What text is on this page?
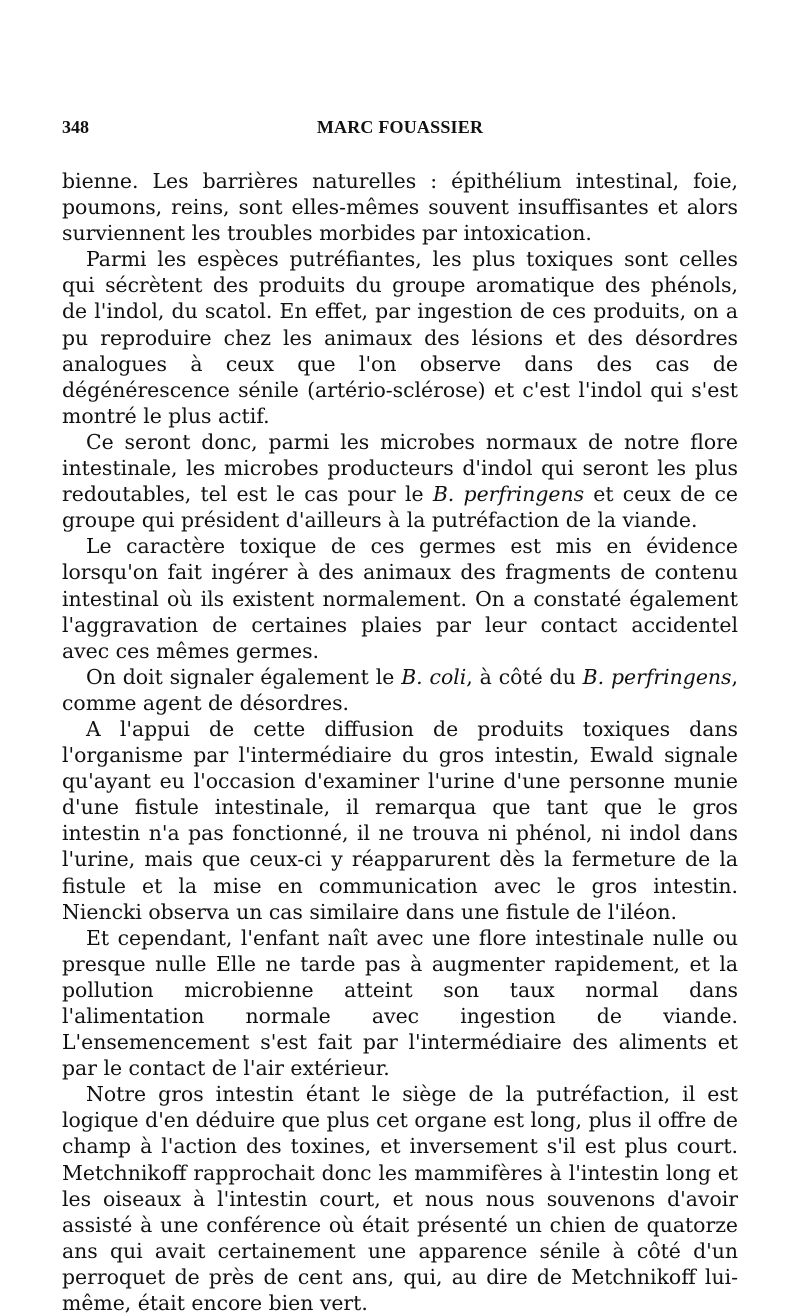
348	MARC FOUASSIER

bienne. Les barrières naturelles : épithélium intestinal, foie, poumons, reins, sont elles-mêmes souvent insuffisantes et alors surviennent les troubles morbides par intoxication.

Parmi les espèces putréfiantes, les plus toxiques sont celles qui sécrètent des produits du groupe aromatique des phénols, de l'indol, du scatol. En effet, par ingestion de ces produits, on a pu reproduire chez les animaux des lésions et des désordres analogues à ceux que l'on observe dans des cas de dégénérescence sénile (artério-sclérose) et c'est l'indol qui s'est montré le plus actif.

Ce seront donc, parmi les microbes normaux de notre flore intestinale, les microbes producteurs d'indol qui seront les plus redoutables, tel est le cas pour le B. perfringens et ceux de ce groupe qui président d'ailleurs à la putréfaction de la viande.

Le caractère toxique de ces germes est mis en évidence lorsqu'on fait ingérer à des animaux des fragments de contenu intestinal où ils existent normalement. On a constaté également l'aggravation de certaines plaies par leur contact accidentel avec ces mêmes germes.

On doit signaler également le B. coli, à côté du B. perfringens, comme agent de désordres.

A l'appui de cette diffusion de produits toxiques dans l'organisme par l'intermédiaire du gros intestin, Ewald signale qu'ayant eu l'occasion d'examiner l'urine d'une personne munie d'une fistule intestinale, il remarqua que tant que le gros intestin n'a pas fonctionné, il ne trouva ni phénol, ni indol dans l'urine, mais que ceux-ci y réapparurent dès la fermeture de la fistule et la mise en communication avec le gros intestin. Niencki observa un cas similaire dans une fistule de l'iléon.

Et cependant, l'enfant naît avec une flore intestinale nulle ou presque nulle Elle ne tarde pas à augmenter rapidement, et la pollution microbienne atteint son taux normal dans l'alimentation normale avec ingestion de viande. L'ensemencement s'est fait par l'intermédiaire des aliments et par le contact de l'air extérieur.

Notre gros intestin étant le siège de la putréfaction, il est logique d'en déduire que plus cet organe est long, plus il offre de champ à l'action des toxines, et inversement s'il est plus court. Metchnikoff rapprochait donc les mammifères à l'intestin long et les oiseaux à l'intestin court, et nous nous souvenons d'avoir assisté à une conférence où était présenté un chien de quatorze ans qui avait certainement une apparence sénile à côté d'un perroquet de près de cent ans, qui, au dire de Metchnikoff lui-même, était encore bien vert.
